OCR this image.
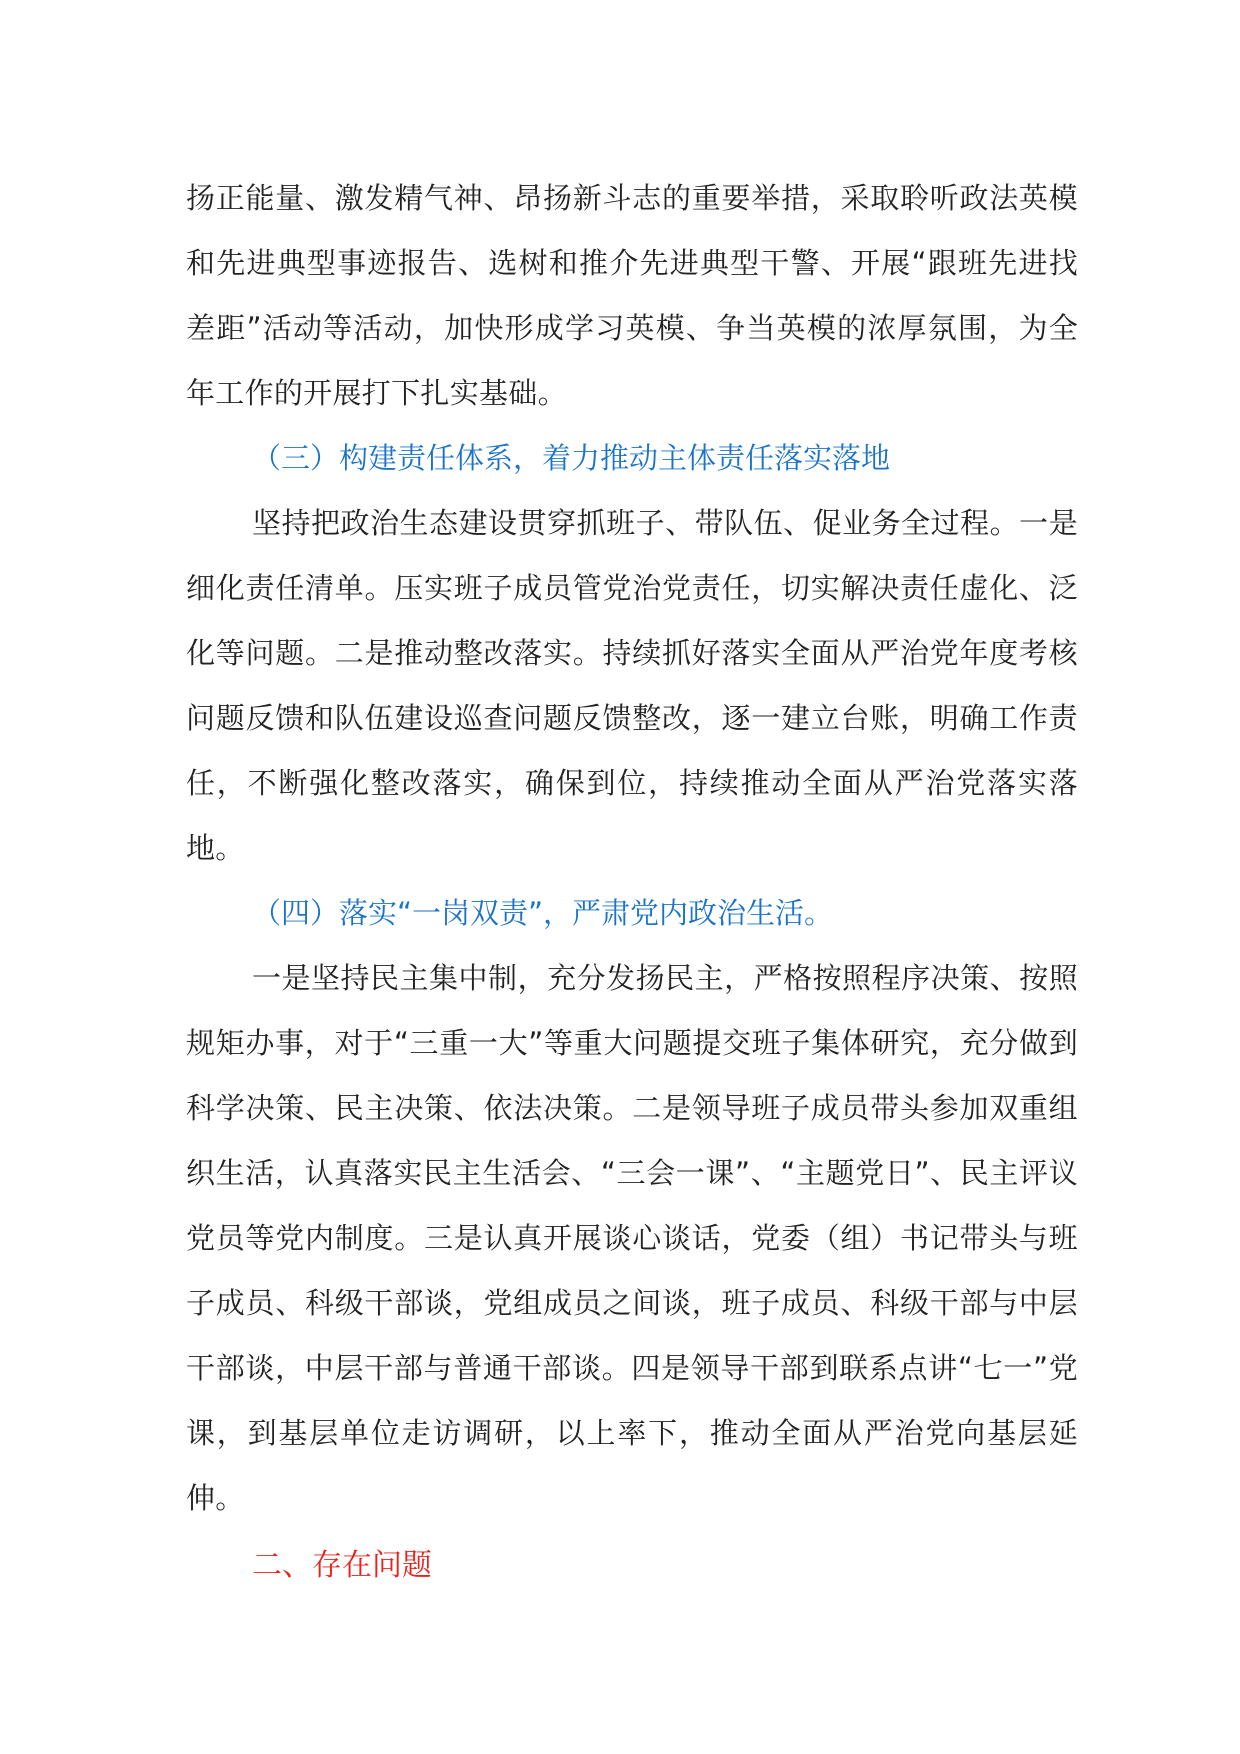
扬正能量、激发精气神、昂扬新斗志的重要举措，采取聆听政法英模和先进典型事迹报告、选树和推介先进典型干警、开展“跟班先进找差距”活动等活动，加快形成学习英模、争当英模的浓厚氛围，为全年工作的开展打下扎实基础。

（三）构建责任体系，着力推动主体责任落实落地

坚持把政治生态建设贯穿抓班子、带队伍、促业务全过程。一是细化责任清单。压实班子成员管党治党责任，切实解决责任虚化、泛化等问题。二是推动整改落实。持续抓好落实全面从严治党年度考核问题反馈和队伍建设巡查问题反馈整改，逐一建立台账，明确工作责任，不断强化整改落实，确保到位，持续推动全面从严治党落实落地。

（四）落实“一岗双责”，严肃党内政治生活。

一是坚持民主集中制，充分发扬民主，严格按照程序决策、按照规矩办事，对于“三重一大”等重大问题提交班子集体研究，充分做到科学决策、民主决策、依法决策。二是领导班子成员带头参加双重组织生活，认真落实民主生活会、“三会一课”、“主题党日”、民主评议党员等党内制度。三是认真开展谈心谈话，党委（组）书记带头与班子成员、科级干部谈，党组成员之间谈，班子成员、科级干部与中层干部谈，中层干部与普通干部谈。四是领导干部到联系点讲“七一”党课，到基层单位走访调研，以上率下，推动全面从严治党向基层延伸。

二、存在问题
